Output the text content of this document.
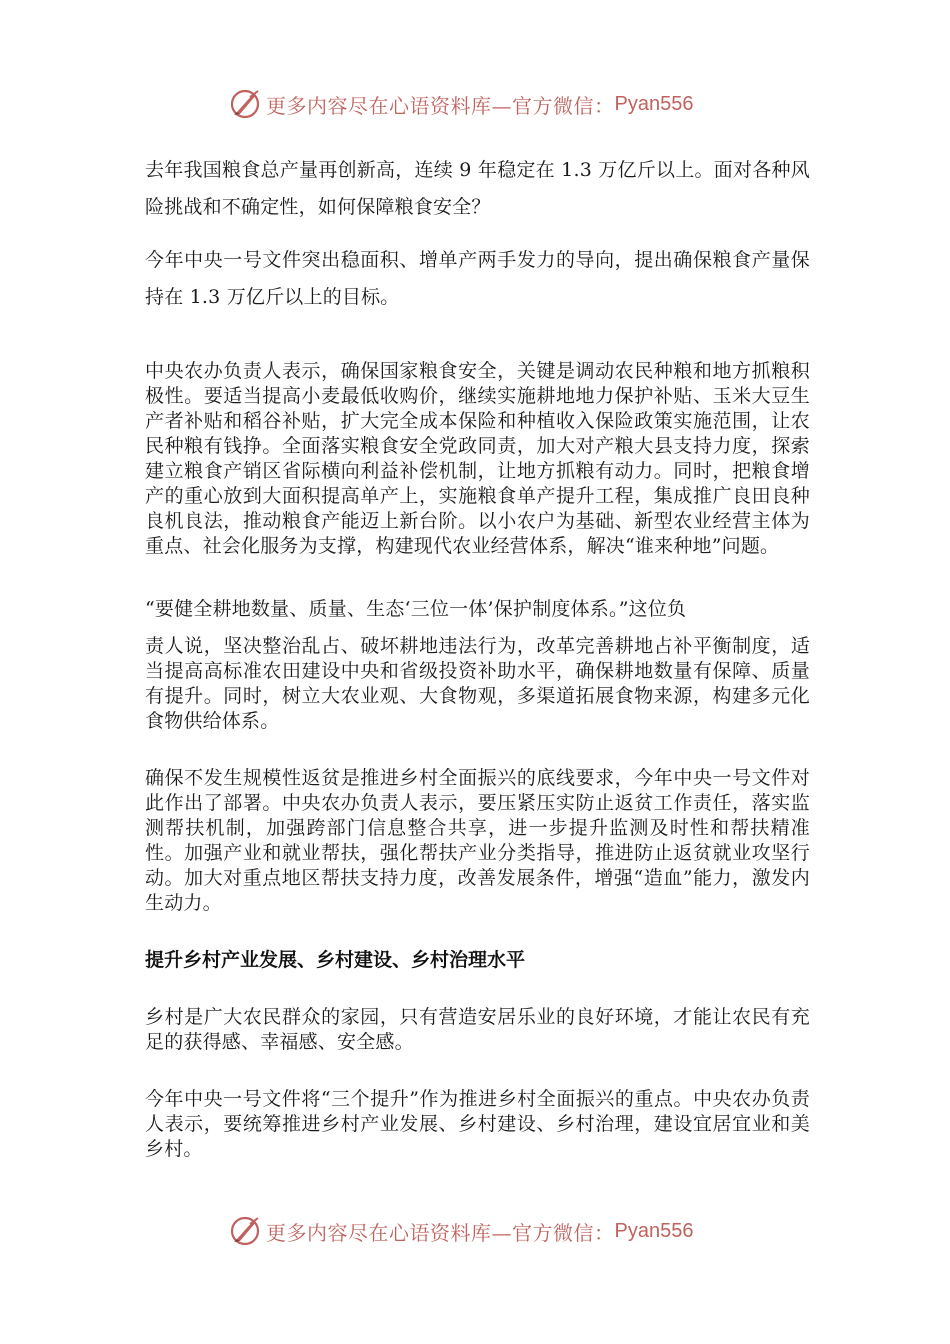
更多内容尽在心语资料库—官方微信： Pyan556

去年我国粮食总产量再创新高，连续 9 年稳定在 1.3 万亿斤以上。面对各种风险挑战和不确定性，如何保障粮食安全？

今年中央一号文件突出稳面积、增单产两手发力的导向，提出确保粮食产量保持在 1.3 万亿斤以上的目标。

中央农办负责人表示，确保国家粮食安全，关键是调动农民种粮和地方抓粮积极性。要适当提高小麦最低收购价，继续实施耕地地力保护补贴、玉米大豆生产者补贴和稻谷补贴，扩大完全成本保险和种植收入保险政策实施范围，让农民种粮有钱挣。全面落实粮食安全党政同责，加大对产粮大县支持力度，探索建立粮食产销区省际横向利益补偿机制，让地方抓粮有动力。同时，把粮食增产的重心放到大面积提高单产上，实施粮食单产提升工程，集成推广良田良种良机良法，推动粮食产能迈上新台阶。以小农户为基础、新型农业经营主体为重点、社会化服务为支撑，构建现代农业经营体系，解决“谁来种地”问题。

“要健全耕地数量、质量、生态‘三位一体’保护制度体系。”这位负

责人说，坚决整治乱占、破坏耕地违法行为，改革完善耕地占补平衡制度，适当提高高标准农田建设中央和省级投资补助水平，确保耕地数量有保障、质量有提升。同时，树立大农业观、大食物观，多渠道拓展食物来源，构建多元化食物供给体系。

确保不发生规模性返贫是推进乡村全面振兴的底线要求，今年中央一号文件对此作出了部署。中央农办负责人表示，要压紧压实防止返贫工作责任，落实监测帮扶机制，加强跨部门信息整合共享，进一步提升监测及时性和帮扶精准性。加强产业和就业帮扶，强化帮扶产业分类指导，推进防止返贫就业攻坚行动。加大对重点地区帮扶支持力度，改善发展条件，增强“造血”能力，激发内生动力。

提升乡村产业发展、乡村建设、乡村治理水平

乡村是广大农民群众的家园，只有营造安居乐业的良好环境，才能让农民有充足的获得感、幸福感、安全感。

今年中央一号文件将“三个提升”作为推进乡村全面振兴的重点。中央农办负责人表示，要统筹推进乡村产业发展、乡村建设、乡村治理，建设宜居宜业和美乡村。

更多内容尽在心语资料库—官方微信： Pyan556
